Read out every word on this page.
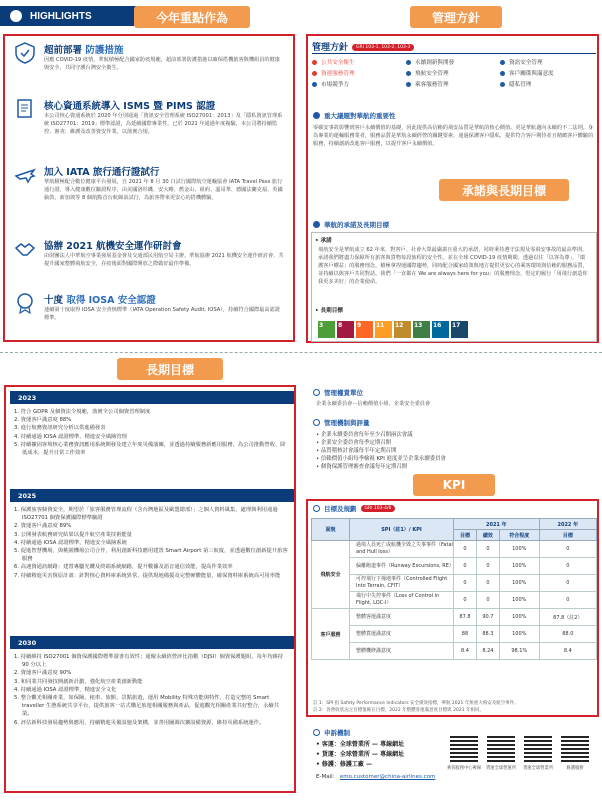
HIGHLIGHTS	今年重點作為
超前部署 防護措施
因應 COVID-19 疫情，華航積極配合國家防疫規範，超前部署防護措施以確保搭機旅客與機組員的健康與安全，共同守護台灣安全衛生。
核心資通系統導入 ISMS 暨 PIMS 認證
本公司核心資通系統於 2020 年分別通過「資訊安全管理系統 ISO27001：2013」及「隱私資訊管理系統 ISO27701：2019」標準認證，為延續國際專業性。已於 2021 年通過年度複驗，本公司將持續監控、審查、維護及改善資安作業，以落實合規。
加入 IATA 旅行通行證試行
華航積極配合數位健康平台發展，自 2021 年 8 月 30 日試行國際航空運輸協會 IATA Travel Pass 旅行通行證，導入健康數位驗證程序，由美國洛杉磯、安大略、舊金山、紐約、溫哥華、德國法蘭克福、英國倫敦、新加坡等 8 個航點首台航線前試行，為旅客帶來更安心的搭機體驗。
協辦 2021 航機安全運作研討會
由財團法人中華航空事業發展基金會及交通部民用航空局主辦，華航協辦 2021 航機安全運作研討會，共提升國家整體飛航安全，在疫後面對國際開放之際做好最佳準備。
十度 取得 IOSA 安全認證
連續第十度取得 IOSA 安全查核標準（IATA Operation Safety Audit, IOSA），持續符合國際最高認證標準。
管理方針
管理方針 GRI 103-1, 103-2, 103-3
公共安全衛生	永續創新與開發	資訊安全管理
資運服務管理	飛航安全管理	客戶關係與滿意度
市場競爭力	乘客服務管理	隱私管理
重大議題對華航的重要性
零碳安事故影響到客戶永續價值的基礎，因此提供高信賴的飛安品質是華航的核心價值。更是華航邁向永續的不二法則。身為專業的運輸服務業者，服務品質是華航永續經營的關鍵要素，通過保護客戶隱私，提供符合客戶期待並且精緻客戶體驗的服務，持續創新改進客戶服務，以提升客戶永續價值。
承諾與長期目標
華航的承諾及長期目標
• 承諾
飛航安全是華航成立 62 年來，對客戶、社會大眾最嚴肅且重大的承諾，同時秉持遵守法規及零飛安事故的最高準則，承諾我們將盡力保障所有旅客與貨物每段旅程的安全性。並在全球 COVID-19 疫情期間，透過以往「以客為尊」、「環護客戶權益」的服務理念，積極拿捏運國際趨勢，同時配合國家政策與地方提供更安心的乘客環境與信賴的服務品質，並持續以與客戶共同對話。我們「一直都在 We are always here for you」的服務理念，堅定的履行「用飛行創造你我更多美好」的企業使命。
• 長期目標
3	8	9	11	12	13	16	17
長期目標
2023
1. 符合 GDPR 及個資法令規範，落實全公司個資管理制度
2. 資運客戶滿意度 88%
3. 進行航務資訊研究分析以供進備發表
4. 持續通過 IOSA 認證標準，精進安全風險管理
5. 持續擴固客境核心業務資訊應用系統開發及建立年度災備演練，並透過持續服務新應用服務，為公司推動營收、降低成本，提升日常工作效率
2025
1. 保護旅客個資安全，期望於「旅客服務管理流程（含台灣地區及歐盟總部）」之個人資料風集，處理與利用通過 ISO27701 個資保護國際標準驗證
2. 資運客戶滿意度 89%
3. 公開發表航務研究結果以提升航空產業技術能量
4. 持續通過 IOSA 認證標準，精進安全風險系統
5. 促進智慧機場，與桃園機場公司合作，利用創新科技應用建置 Smart Airport 第三航廈，並透過數位創新提升旅客服務
6. 高速資通訊網路：建置專屬光纜及終端系統網路，提升數據及語音通信效能，提高作業效率
7. 持續精進災害復原計畫：針對核心資料庫系統異常，提供現地備援及完整硬體能量，確保資料庫系統高可用率能
2030
1. 持續維持 ISO27001 個資保護國際標準證書有效性；通僱永續經營評比指數（DJSI）個資保護題組，每年均維持 90 分以上
2. 資運客戶滿意度 90%
3. 和同業共同發技開創新計劃，強化航空產業創新動能
4. 持續通過 IOSA 認證標準，精進安全文化
5. 整合觀光相關產業，如保險、租車、旅館、景點旅遊，運用 Mobility 特殊功能與特性，打造完整的 Smart traveller 生態系統共享平台，提供旅客一站式購足旅遊相關服務與產品，促進觀光相關產業共好整合，永續共榮。
6. 評估新科技發展趨勢與應用，持續精進災備設施及架構，並善用圖調次擴設備資源，維持災備系統運作。
管理權責單位
企業永續委員會－信賴價值小組、企業安全委員會
管理機制與評量
• 企業永續委員會每年至少召開兩次會議
• 企業安全委員會每季定期召開
• 品質稽核討會議每半年定期召開
• 信賴價值小組每季檢視 KPI 進度並呈企業永續委員會
• 個資保護管理審查會議每年定期召開
KPI
目標及規劃	GRI 103-4/6
面貌	SPI（註1）/ KPI	2021 年			2022 年
		目標	績效	符合程度	目標
飛航安全	過境人員死亡或航機全毀之失事事件（Fatal and Hull loss）	0	0	100%	0
	偏離跑道事件（Runway Excursions, RE）	0	0	100%	0
	可控飛行下撞地事件（Controlled Flight Into Terrain, CFIT）	0	0	100%	0
	飛行中失控事件（Loss of Control in Flight, LOC-I）	0	0	100%	0
客戶服務	整體客運滿意度	87.8	90.7	100%	87.8（註2）
	整體貨運滿意度	88	88.3	100%	88.0
	整體機修滿意度	8.4	8.24	98.1%	8.4
註 1：SPI 指 Safety Performance Indicators 安全績效指標，華航 2021 年無重大飛安及航空事件。
註 2：各營收狀況之目標值維在目標，2022 年整體客運滿意度目標與 2021 年相同。
申訴機制
• 客運：全球營業所 — 專線網址
• 貨運：全球營業所 — 專線網址
• 修護：修護工廠 —
E-Mail： emo.customer@china-airlines.com
乘客服務中心專線	貨運全球營運所	貨運全球營業所	修護服務
